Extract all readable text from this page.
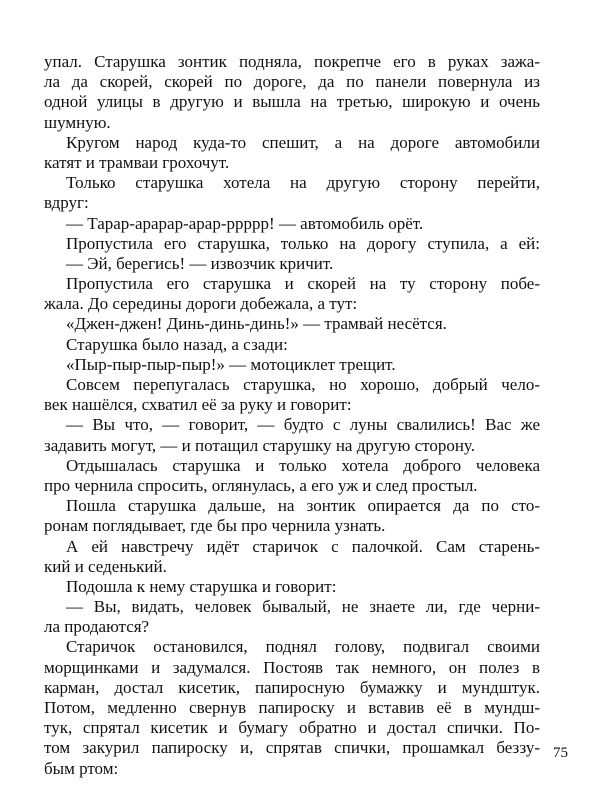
упал. Старушка зонтик подняла, покрепче его в руках зажа-
ла да скорей, скорей по дороге, да по панели повернула из
одной улицы в другую и вышла на третью, широкую и очень
шумную.
Кругом народ куда-то спешит, а на дороге автомобили
катят и трамваи грохочут.
Только старушка хотела на другую сторону перейти,
вдруг:
— Тарар-арарар-арар-ррррр! — автомобиль орёт.
Пропустила его старушка, только на дорогу ступила, а ей:
— Эй, берегись! — извозчик кричит.
Пропустила его старушка и скорей на ту сторону побе-
жала. До середины дороги добежала, а тут:
«Джен-джен! Динь-динь-динь!» — трамвай несётся.
Старушка было назад, а сзади:
«Пыр-пыр-пыр-пыр!» — мотоциклет трещит.
Совсем перепугалась старушка, но хорошо, добрый чело-
век нашёлся, схватил её за руку и говорит:
— Вы что, — говорит, — будто с луны свалились! Вас же
задавить могут, — и потащил старушку на другую сторону.
Отдышалась старушка и только хотела доброго человека
про чернила спросить, оглянулась, а его уж и след простыл.
Пошла старушка дальше, на зонтик опирается да по сто-
ронам поглядывает, где бы про чернила узнать.
А ей навстречу идёт старичок с палочкой. Сам старень-
кий и седенький.
Подошла к нему старушка и говорит:
— Вы, видать, человек бывалый, не знаете ли, где черни-
ла продаются?
Старичок остановился, поднял голову, подвигал своими
морщинками и задумался. Постояв так немного, он полез в
карман, достал кисетик, папиросную бумажку и мундштук.
Потом, медленно свернув папироску и вставив её в мундш-
тук, спрятал кисетик и бумагу обратно и достал спички. По-
том закурил папироску и, спрятав спички, прошамкал беззу-
бым ртом:
75
